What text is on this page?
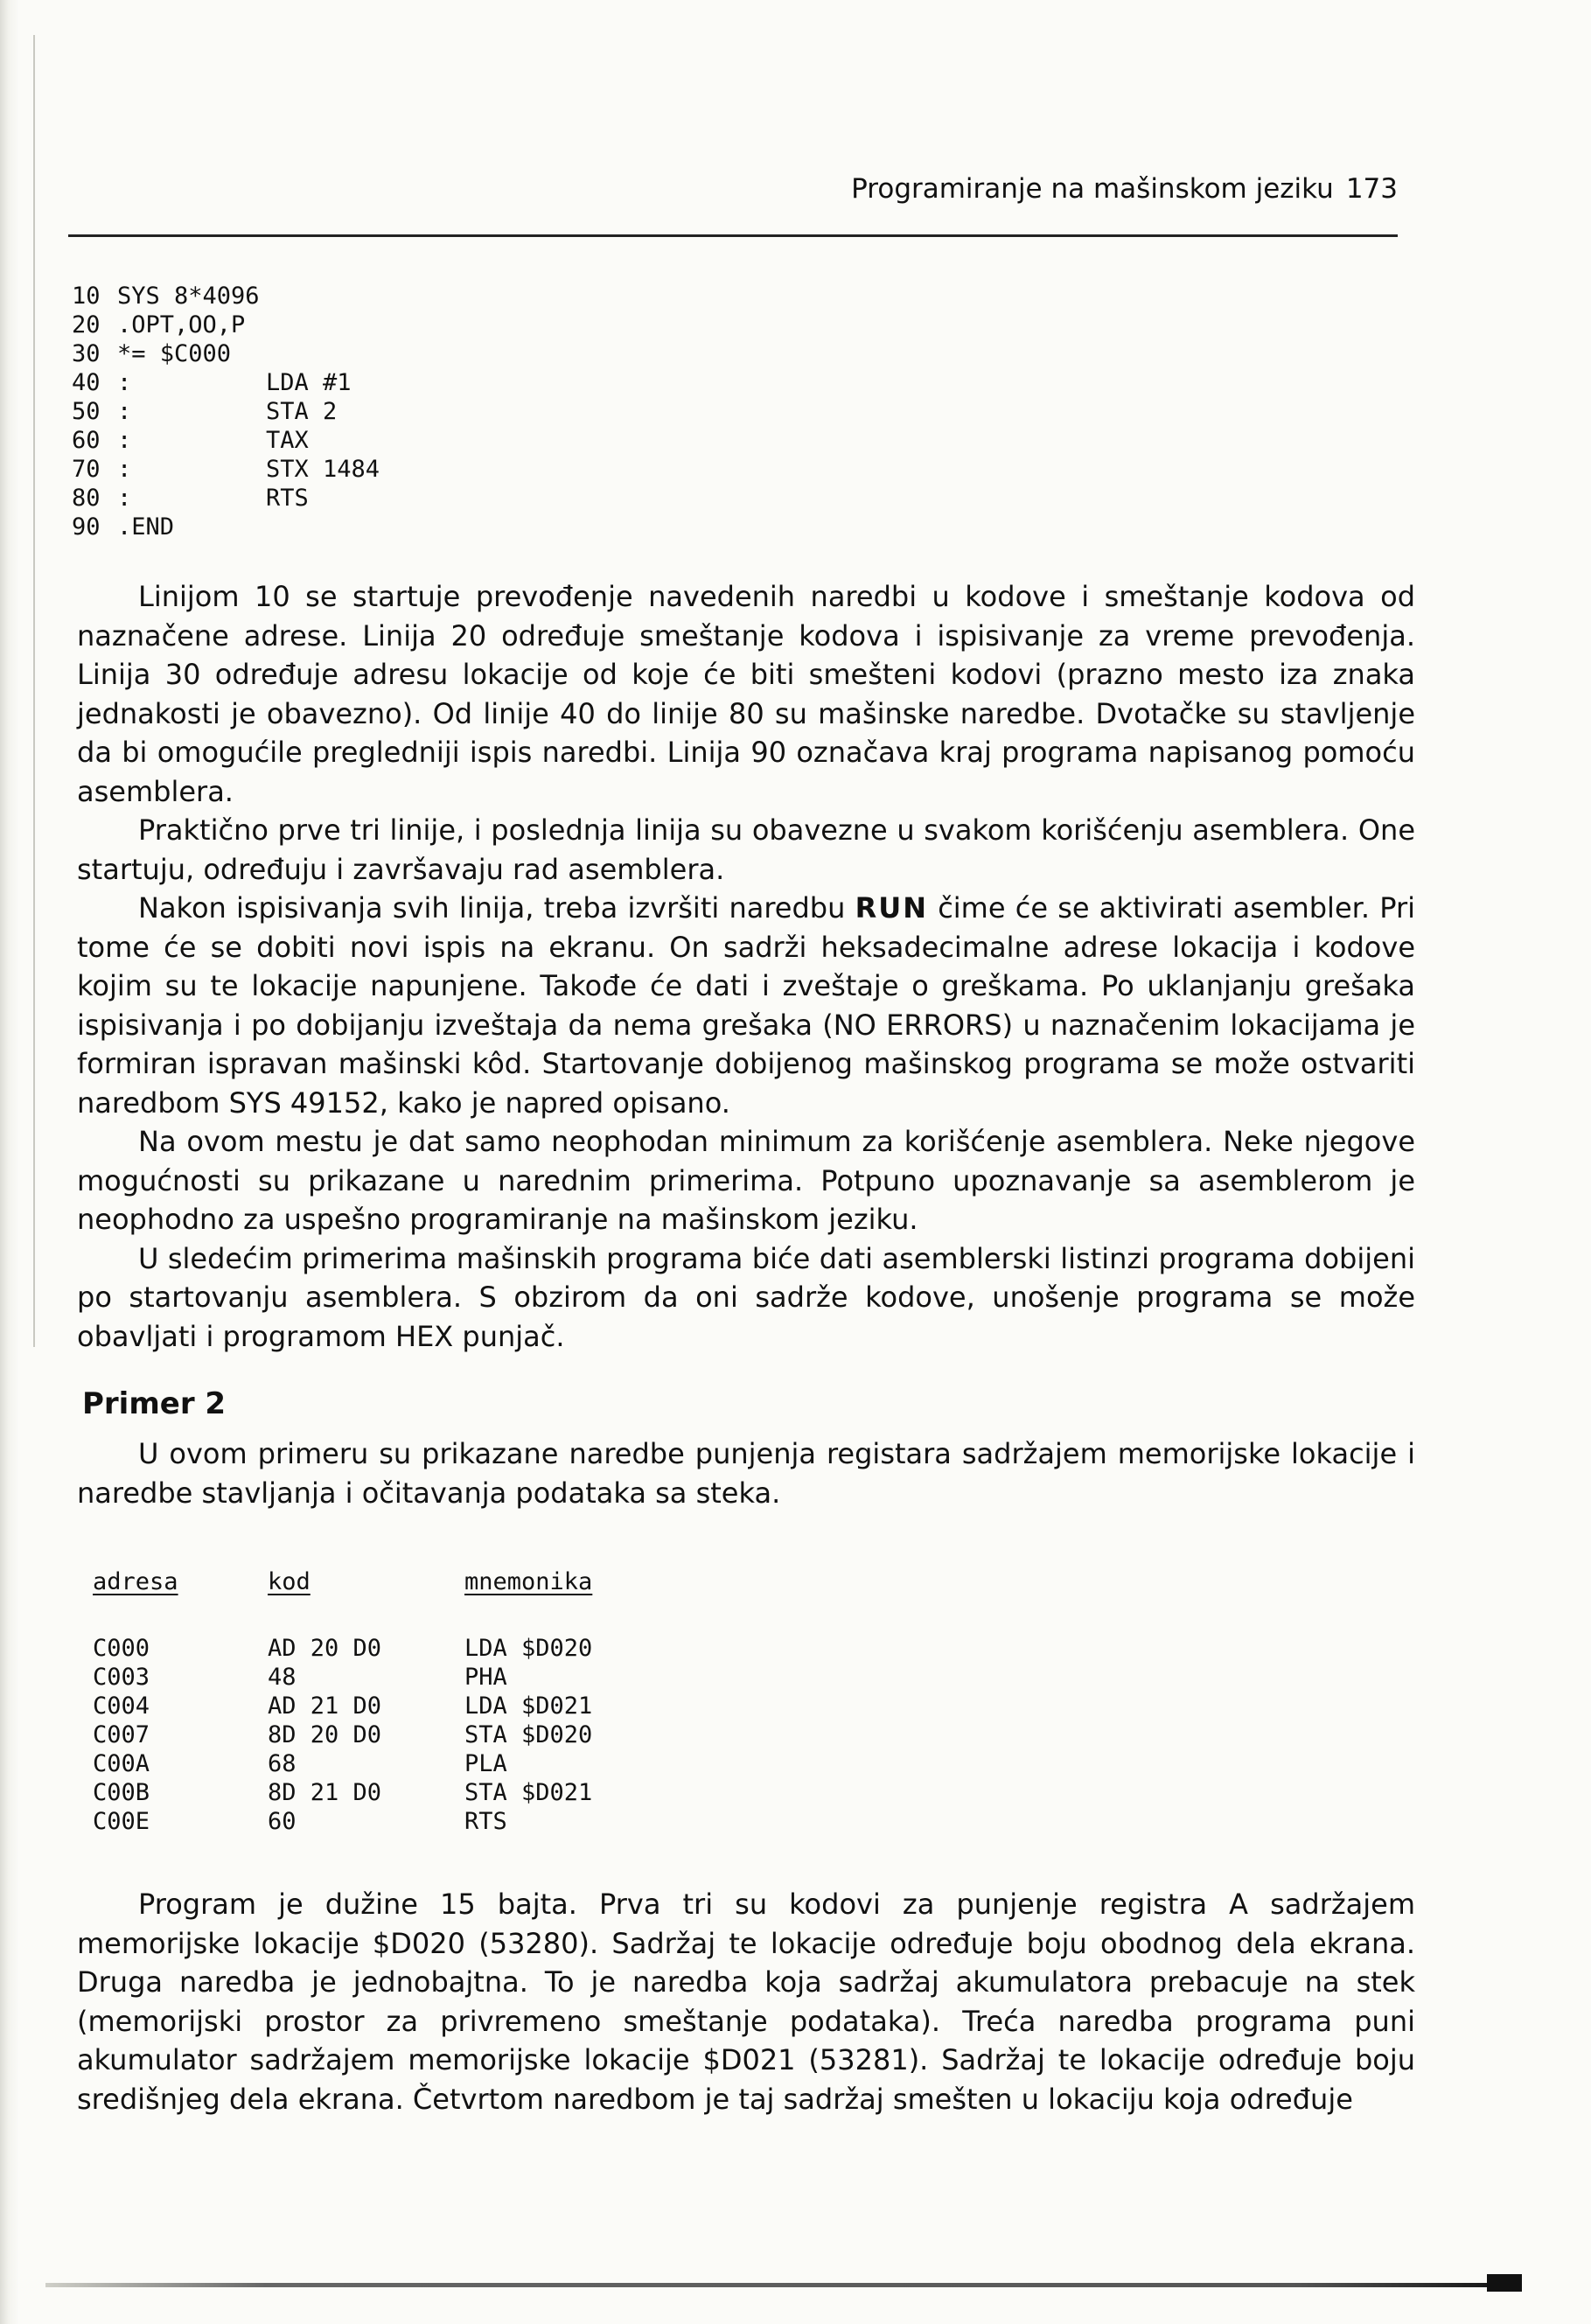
Programiranje na mašinskom jeziku 173
10 SYS 8*4096
20 .OPT,OO,P
30 *= $C000
40 :	LDA #1
50 :	STA 2
60 :	TAX
70 :	STX 1484
80 :	RTS
90 .END

Linijom 10 se startuje prevođenje navedenih naredbi u kodove i smeštanje kodova od naznačene adrese. Linija 20 određuje smeštanje kodova i ispisivanje za vreme prevođenja. Linija 30 određuje adresu lokacije od koje će biti smešteni kodovi (prazno mesto iza znaka jednakosti je obavezno). Od linije 40 do linije 80 su mašinske naredbe. Dvotačke su stavljenje da bi omogućile pregledniji ispis naredbi. Linija 90 označava kraj programa napisanog pomoću asemblera.

Praktično prve tri linije, i poslednja linija su obavezne u svakom korišćenju asemblera. One startuju, određuju i završavaju rad asemblera.

Nakon ispisivanja svih linija, treba izvršiti naredbu RUN čime će se aktivirati asembler. Pri tome će se dobiti novi ispis na ekranu. On sadrži heksadecimalne adrese lokacija i kodove kojim su te lokacije napunjene. Takođe će dati i zveštaje o greškama. Po uklanjanju grešaka ispisivanja i po dobijanju izveštaja da nema grešaka (NO ERRORS) u naznačenim lokacijama je formiran ispravan mašinski kôd. Startovanje dobijenog mašinskog programa se može ostvariti naredbom SYS 49152, kako je napred opisano.

Na ovom mestu je dat samo neophodan minimum za korišćenje asemblera. Neke njegove mogućnosti su prikazane u narednim primerima. Potpuno upoznavanje sa asemblerom je neophodno za uspešno programiranje na mašinskom jeziku.

U sledećim primerima mašinskih programa biće dati asemblerski listinzi programa dobijeni po startovanju asemblera. S obzirom da oni sadrže kodove, unošenje programa se može obavljati i programom HEX punjač.

Primer 2

U ovom primeru su prikazane naredbe punjenja registara sadržajem memorijske lokacije i naredbe stavljanja i očitavanja podataka sa steka.

adresa	kod	mnemonika
C000	AD 20 D0	LDA $D020
C003	48	PHA
C004	AD 21 D0	LDA $D021
C007	8D 20 D0	STA $D020
C00A	68	PLA
C00B	8D 21 D0	STA $D021
C00E	60	RTS

Program je dužine 15 bajta. Prva tri su kodovi za punjenje registra A sadržajem memorijske lokacije $D020 (53280). Sadržaj te lokacije određuje boju obodnog dela ekrana. Druga naredba je jednobajtna. To je naredba koja sadržaj akumulatora prebacuje na stek (memorijski prostor za privremeno smeštanje podataka). Treća naredba programa puni akumulator sadržajem memorijske lokacije $D021 (53281). Sadržaj te lokacije određuje boju središnjeg dela ekrana. Četvrtom naredbom je taj sadržaj smešten u lokaciju koja određuje
